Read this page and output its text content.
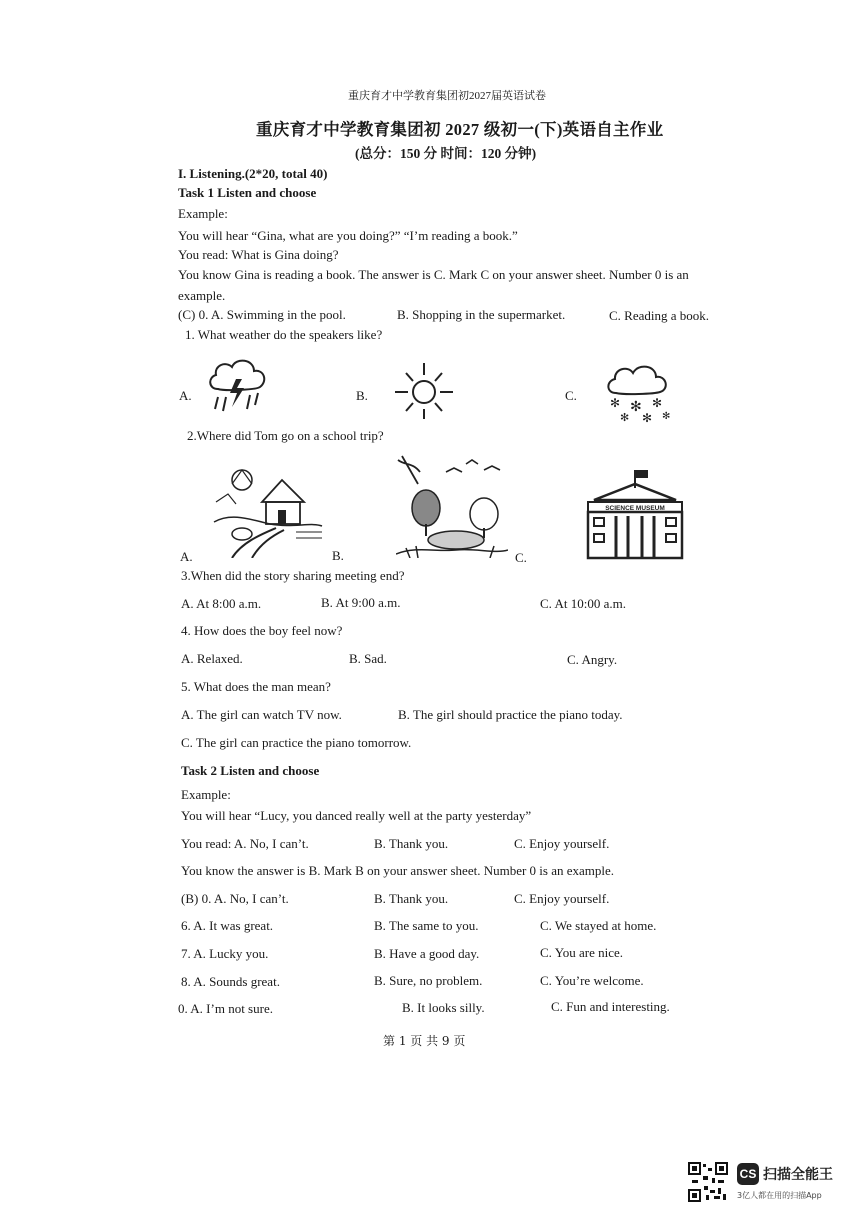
重庆育才中学教育集团初2027届英语试卷
重庆育才中学教育集团初 2027 级初一(下)英语自主作业
(总分：150 分 时间：120 分钟)
I. Listening.(2*20, total 40)
Task 1 Listen and choose
Example:
You will hear “Gina, what are you doing?” “I’m reading a book.”
You read: What is Gina doing?
You know Gina is reading a book. The answer is C. Mark C on your answer sheet. Number 0 is an
example.
(C) 0. A. Swimming in the pool.	B. Shopping in the supermarket.	C. Reading a book.
1. What weather do the speakers like?
A.	B.	C.	✻ ✻ ✻
✻ ✻ ✻
2.Where did Tom go on a school trip?
A.	B.	C.
SCIENCE MUSEUM
3.When did the story sharing meeting end?
A. At 8:00 a.m.	B. At 9:00 a.m.	C. At 10:00 a.m.
4. How does the boy feel now?
A. Relaxed.	B. Sad.	C. Angry.
5. What does the man mean?
A. The girl can watch TV now.	B. The girl should practice the piano today.
C. The girl can practice the piano tomorrow.
Task 2 Listen and choose
Example:
You will hear “Lucy, you danced really well at the party yesterday”
You read: A. No, I can’t.	B. Thank you.	C. Enjoy yourself.
You know the answer is B. Mark B on your answer sheet. Number 0 is an example.
(B) 0. A. No, I can’t.	B. Thank you.	C. Enjoy yourself.
6. A. It was great.	B. The same to you.	C. We stayed at home.
7. A. Lucky you.	B. Have a good day.	C. You are nice.
8. A. Sounds great.	B. Sure, no problem.	C. You’re welcome.
0. A. I’m not sure.	B. It looks silly.	C. Fun and interesting.
第 1 页 共 9 页
CS 扫描全能王
3亿人都在用的扫描App
